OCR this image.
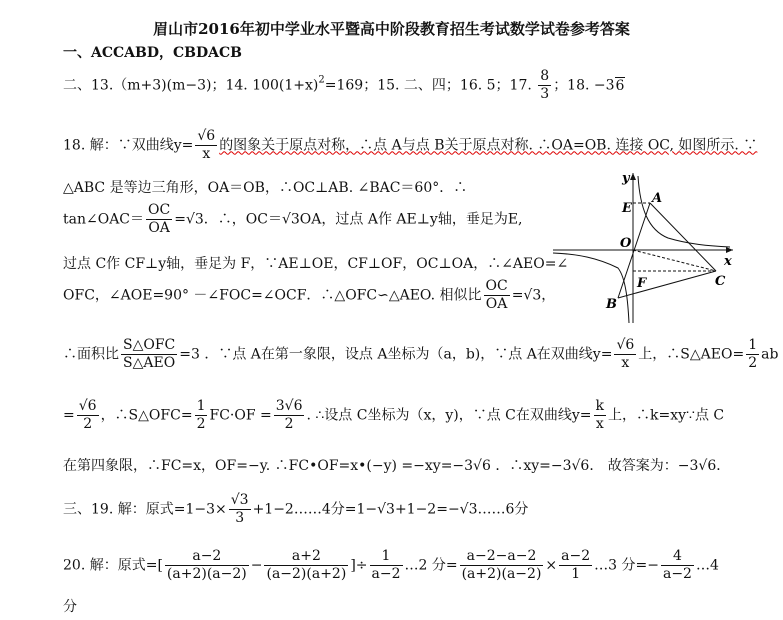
眉山市2016年初中学业水平暨高中阶段教育招生考试数学试卷参考答案
一、ACCABD，CBDACB
二、13.（m+3)(m−3)；14. $100(1+x)^2=169$；15. 二、四；16. 5；17. $\frac{8}{3}$ ；18. −36
18. 解：∵双曲线$y= \frac{√6}{x}$ 的图象关于原点对称，∴点 A与点 B关于原点对称. ∴OA=OB. 连接 OC, 如图所示. ∵
△ABC 是等边三角形，OA＝OB，∴OC⊥AB. ∠BAC＝60°．∴
tan∠OAC＝ $\frac{OC}{OA} =√3$．∴，OC＝√3OA，过点 A作 AE⊥y轴，垂足为E,
过点 C作 CF⊥y轴，垂足为 F，∵AE⊥OE，CF⊥OF，OC⊥OA，∴∠AEO=∠
OFC，∠AOE=90° －∠FOC=∠OCF．∴△OFC∽△AEO. 相似比 $\frac{OC}{OA} =√3$，
∴面积比 $\frac{\text{S△OFC}}{\text{S△AEO}} =3$ ．∵点 A在第一象限，设点 A坐标为（a，b)，∵点 A在双曲线$y= \frac{√6}{x}$ 上，∴S△AEO= $\frac{1}{2}$ ab
= $\frac{√6}{2}$ ，∴S△OFC= $\frac{1}{2} FC\cdot OF = \frac{3√6}{2}$ . ∴设点 C坐标为（x，y)，∵点 C在双曲线$y= \frac{k}{x}$ 上，∴k=xy∵点 C
在第四象限，∴FC=x，OF=−y. ∴FC•OF=x•(−y) =−xy=−3√6 ．∴xy=−3√6． 故答案为：−3√6．
三、19. 解：原式$=1-3\times \frac{√3}{3}$ +1−2……4分=1−√3+1−2=−√3……6分
20. 解：原式=[ $\frac{a-2}{(a+2)(a-2)} - \frac{a+2}{(a-2)(a+2)}$ ]÷ $\frac{1}{a-2}$ …2 分= $\frac{a-2-a-2}{(a+2)(a-2)} \times \frac{a-2}{1}$ …3 分=− $\frac{4}{a-2}$ …4
分
y
x
O
A
E
F
B
C
